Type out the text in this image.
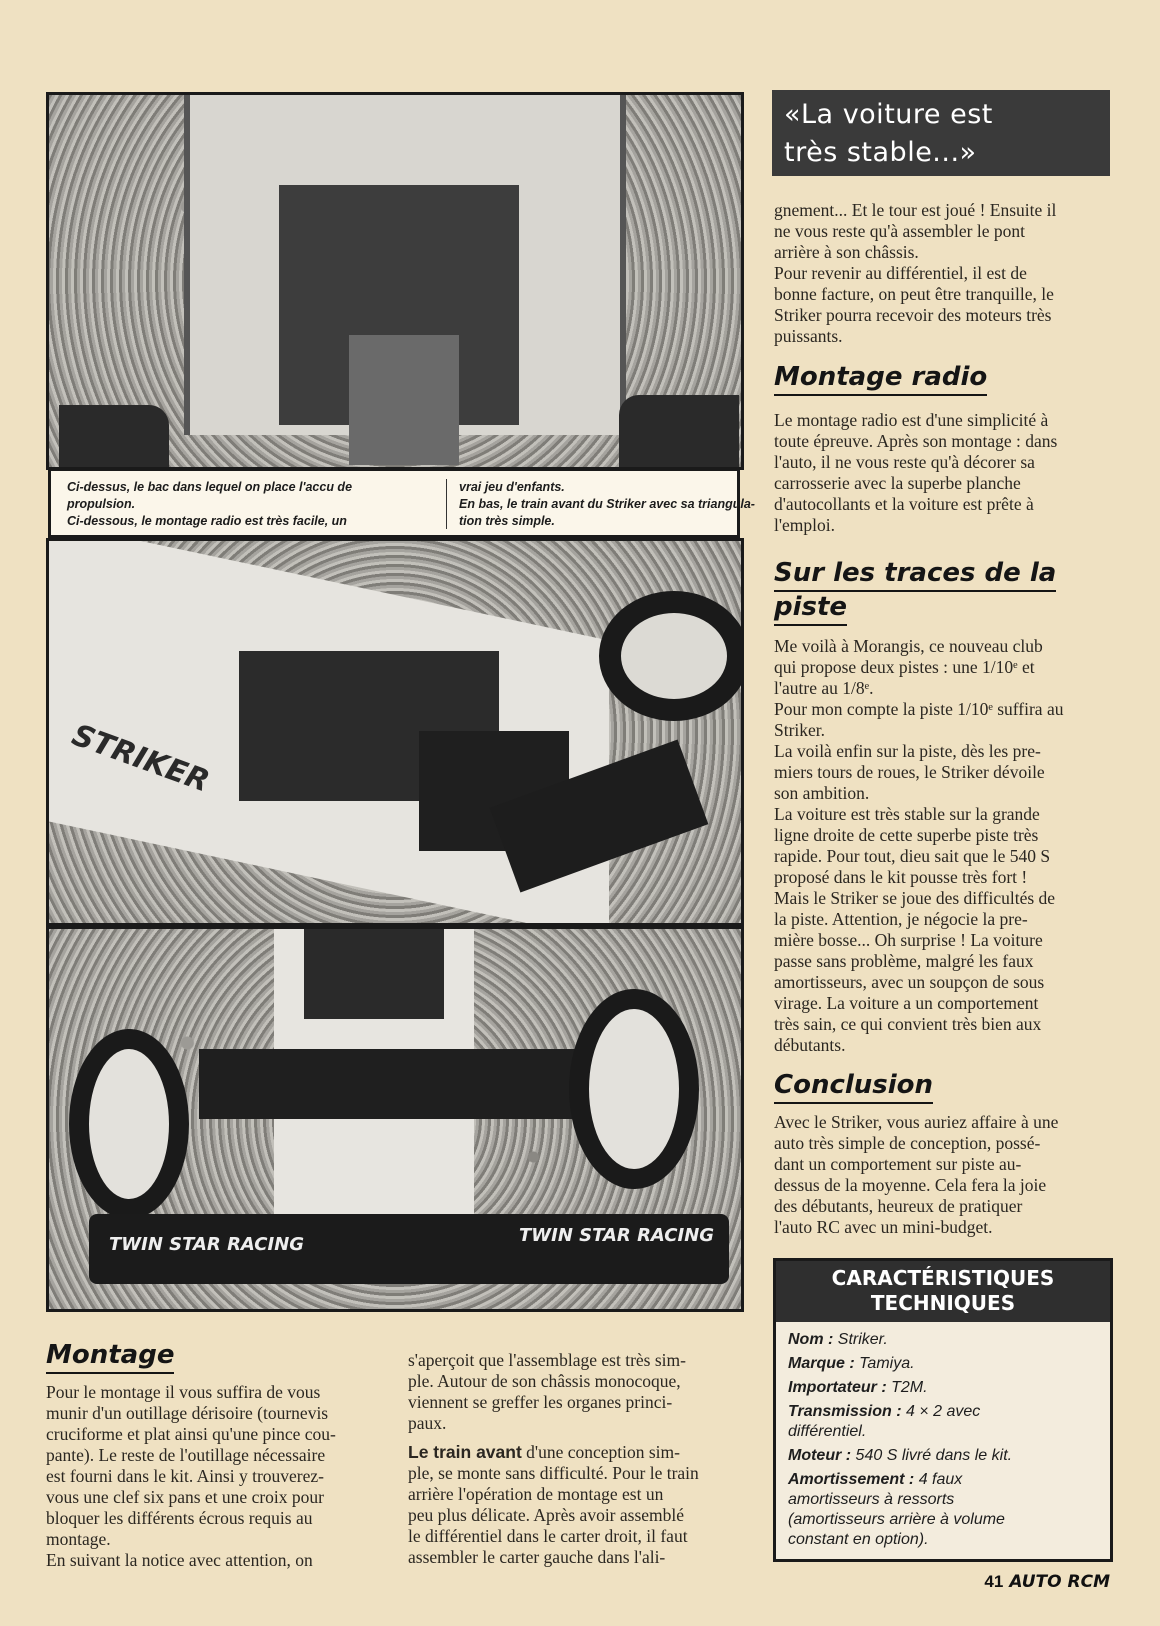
Ci-dessus, le bac dans lequel on place l'accu de
propulsion.
Ci-dessous, le montage radio est très facile, un
vrai jeu d'enfants.
En bas, le train avant du Striker avec sa triangula-
tion très simple.
STRIKER
TWIN STAR RACING	TWIN STAR RACING
«La voiture est très stable...»

gnement... Et le tour est joué ! Ensuite il

ne vous reste qu'à assembler le pont

arrière à son châssis.

Pour revenir au différentiel, il est de

bonne facture, on peut être tranquille, le

Striker pourra recevoir des moteurs très

puissants.

Montage radio

Le montage radio est d'une simplicité à

toute épreuve. Après son montage : dans

l'auto, il ne vous reste qu'à décorer sa

carrosserie avec la superbe planche

d'autocollants et la voiture est prête à

l'emploi.

Sur les traces de la
piste

Me voilà à Morangis, ce nouveau club

qui propose deux pistes : une 1/10ᵉ et

l'autre au 1/8ᵉ.

Pour mon compte la piste 1/10ᵉ suffira au

Striker.

La voilà enfin sur la piste, dès les pre-

miers tours de roues, le Striker dévoile

son ambition.

La voiture est très stable sur la grande

ligne droite de cette superbe piste très

rapide. Pour tout, dieu sait que le 540 S

proposé dans le kit pousse très fort !

Mais le Striker se joue des difficultés de

la piste. Attention, je négocie la pre-

mière bosse... Oh surprise ! La voiture

passe sans problème, malgré les faux

amortisseurs, avec un soupçon de sous

virage. La voiture a un comportement

très sain, ce qui convient très bien aux

débutants.

Conclusion

Avec le Striker, vous auriez affaire à une

auto très simple de conception, possé-

dant un comportement sur piste au-

dessus de la moyenne. Cela fera la joie

des débutants, heureux de pratiquer

l'auto RC avec un mini-budget.

CARACTÉRISTIQUES
TECHNIQUES
Nom : Striker.
Marque : Tamiya.
Importateur : T2M.
Transmission : 4 × 2 avec
différentiel.
Moteur : 540 S livré dans le kit.
Amortissement : 4 faux
amortisseurs à ressorts
(amortisseurs arrière à volume
constant en option).
Montage

Pour le montage il vous suffira de vous

munir d'un outillage dérisoire (tournevis

cruciforme et plat ainsi qu'une pince cou-

pante). Le reste de l'outillage nécessaire

est fourni dans le kit. Ainsi y trouverez-

vous une clef six pans et une croix pour

bloquer les différents écrous requis au

montage.

En suivant la notice avec attention, on

s'aperçoit que l'assemblage est très sim-

ple. Autour de son châssis monocoque,

viennent se greffer les organes princi-

paux.

Le train avant d'une conception sim-

ple, se monte sans difficulté. Pour le train

arrière l'opération de montage est un

peu plus délicate. Après avoir assemblé

le différentiel dans le carter droit, il faut

assembler le carter gauche dans l'ali-

41 AUTO RCM
